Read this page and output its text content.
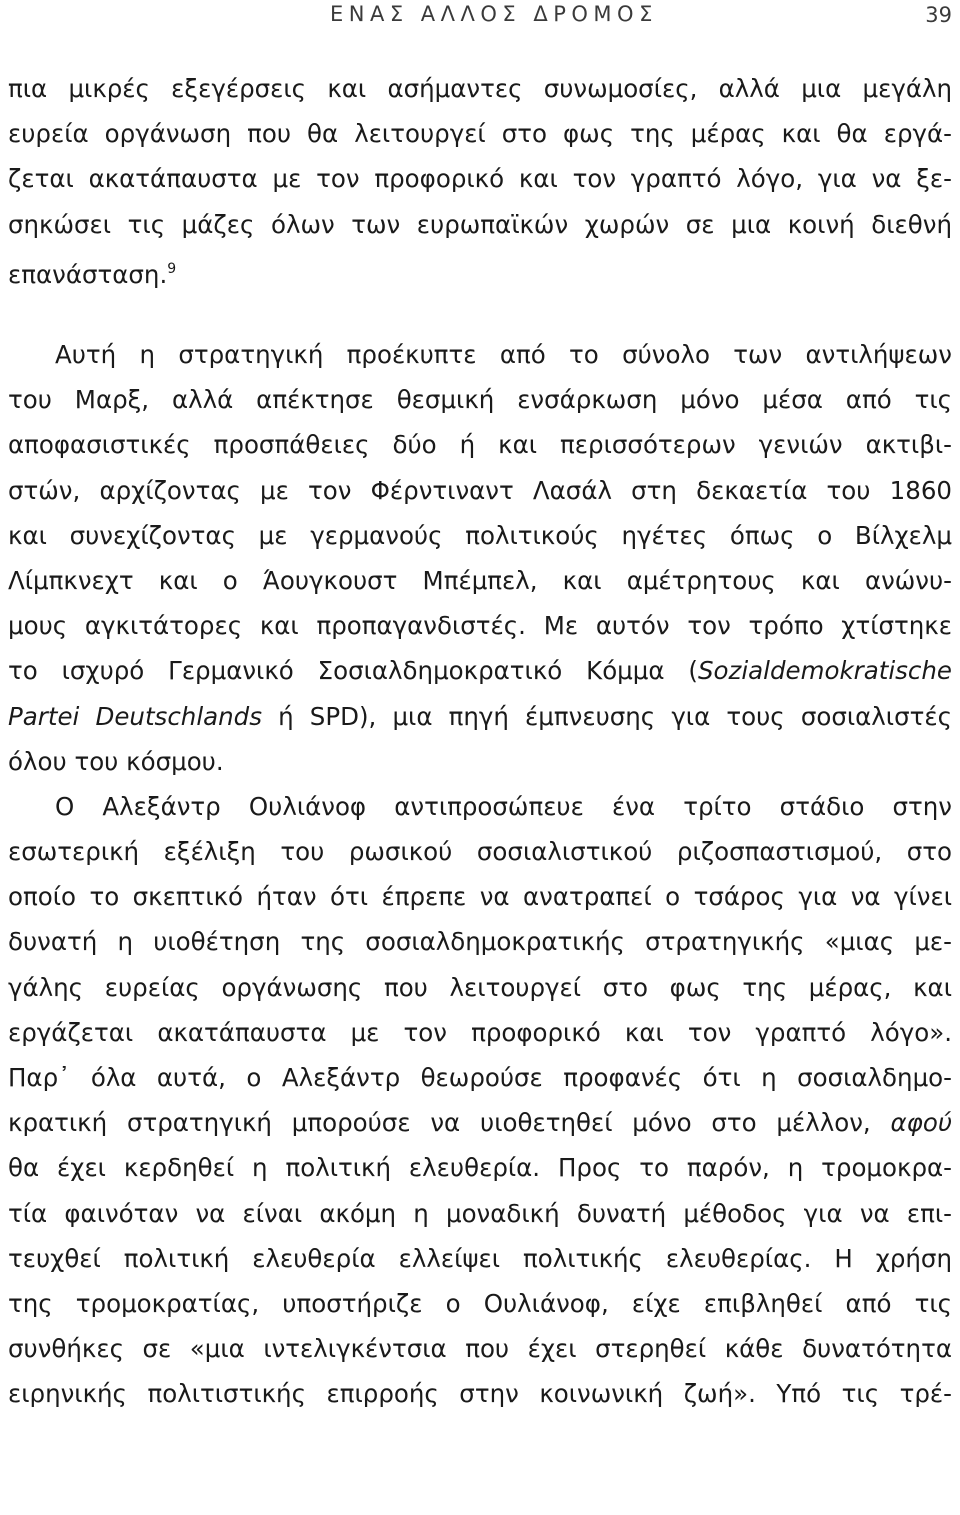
ΕΝΑΣ ΑΛΛΟΣ ΔΡΟΜΟΣ	39
πια μικρές εξεγέρσεις και ασήμαντες συνωμοσίες, αλλά μια μεγάλη
ευρεία οργάνωση που θα λειτουργεί στο φως της μέρας και θα εργά-
ζεται ακατάπαυστα με τον προφορικό και τον γραπτό λόγο, για να ξε-
σηκώσει τις μάζες όλων των ευρωπαϊκών χωρών σε μια κοινή διεθνή
επανάσταση.$^9$
Αυτή η στρατηγική προέκυπτε από το σύνολο των αντιλήψεων
του Μαρξ, αλλά απέκτησε θεσμική ενσάρκωση μόνο μέσα από τις
αποφασιστικές προσπάθειες δύο ή και περισσότερων γενιών ακτιβι-
στών, αρχίζοντας με τον Φέρντιναντ Λασάλ στη δεκαετία του 1860
και συνεχίζοντας με γερμανούς πολιτικούς ηγέτες όπως ο Βίλχελμ
Λίμπκνεχτ και ο Άουγκουστ Μπέμπελ, και αμέτρητους και ανώνυ-
μους αγκιτάτορες και προπαγανδιστές. Με αυτόν τον τρόπο χτίστηκε
το ισχυρό Γερμανικό Σοσιαλδημοκρατικό Κόμμα (Sozialdemokratische
Partei Deutschlands ή SPD), μια πηγή έμπνευσης για τους σοσιαλιστές
όλου του κόσμου.
Ο Αλεξάντρ Ουλιάνοφ αντιπροσώπευε ένα τρίτο στάδιο στην
εσωτερική εξέλιξη του ρωσικού σοσιαλιστικού ριζοσπαστισμού, στο
οποίο το σκεπτικό ήταν ότι έπρεπε να ανατραπεί ο τσάρος για να γίνει
δυνατή η υιοθέτηση της σοσιαλδημοκρατικής στρατηγικής «μιας με-
γάλης ευρείας οργάνωσης που λειτουργεί στο φως της μέρας, και
εργάζεται ακατάπαυστα με τον προφορικό και τον γραπτό λόγο».
Παρ᾽ όλα αυτά, ο Αλεξάντρ θεωρούσε προφανές ότι η σοσιαλδημο-
κρατική στρατηγική μπορούσε να υιοθετηθεί μόνο στο μέλλον, αφού
θα έχει κερδηθεί η πολιτική ελευθερία. Προς το παρόν, η τρομοκρα-
τία φαινόταν να είναι ακόμη η μοναδική δυνατή μέθοδος για να επι-
τευχθεί πολιτική ελευθερία ελλείψει πολιτικής ελευθερίας. Η χρήση
της τρομοκρατίας, υποστήριζε ο Ουλιάνοφ, είχε επιβληθεί από τις
συνθήκες σε «μια ιντελιγκέντσια που έχει στερηθεί κάθε δυνατότητα
ειρηνικής πολιτιστικής επιρροής στην κοινωνική ζωή». Υπό τις τρέ-
